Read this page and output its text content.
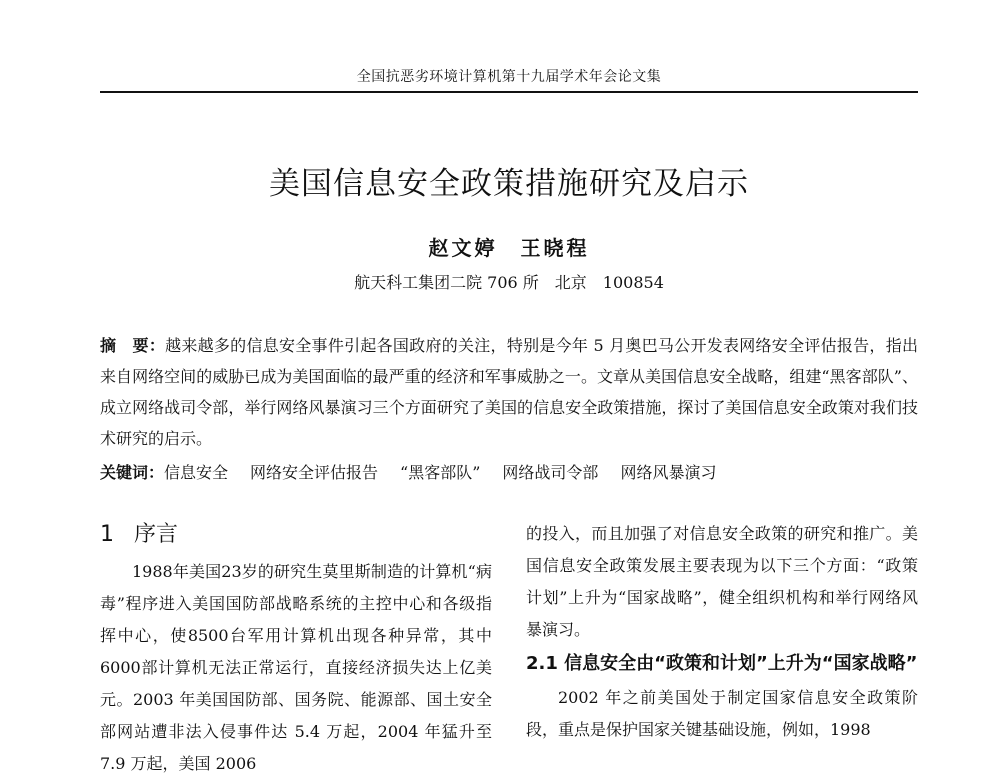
全国抗恶劣环境计算机第十九届学术年会论文集
美国信息安全政策措施研究及启示
赵文婷　王晓程
航天科工集团二院 706 所　北京　100854
摘　要：越来越多的信息安全事件引起各国政府的关注，特别是今年 5 月奥巴马公开发表网络安全评估报告，指出来自网络空间的威胁已成为美国面临的最严重的经济和军事威胁之一。文章从美国信息安全战略，组建“黑客部队”、成立网络战司令部，举行网络风暴演习三个方面研究了美国的信息安全政策措施，探讨了美国信息安全政策对我们技术研究的启示。
关键词：信息安全 网络安全评估报告 “黑客部队” 网络战司令部 网络风暴演习
1 序言

1988年美国23岁的研究生莫里斯制造的计算机“病毒”程序进入美国国防部战略系统的主控中心和各级指挥中心，使8500台军用计算机出现各种异常，其中6000部计算机无法正常运行，直接经济损失达上亿美元。2003 年美国国防部、国务院、能源部、国土安全部网站遭非法入侵事件达 5.4 万起，2004 年猛升至 7.9 万起，美国 2006

的投入，而且加强了对信息安全政策的研究和推广。美国信息安全政策发展主要表现为以下三个方面：“政策计划”上升为“国家战略”，健全组织机构和举行网络风暴演习。

2.1 信息安全由“政策和计划”上升为“国家战略”

2002 年之前美国处于制定国家信息安全政策阶段，重点是保护国家关键基础设施，例如，1998
